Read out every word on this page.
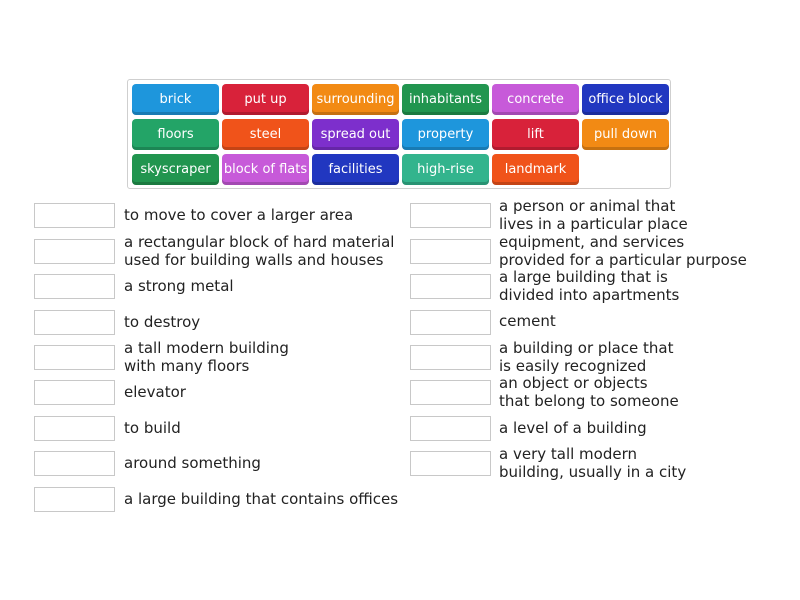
brick	put up	surrounding	inhabitants	concrete	office block
floors	steel	spread out	property	lift	pull down
skyscraper	block of flats	facilities	high-rise	landmark
to move to cover a larger area
a rectangular block of hard material
used for building walls and houses
a strong metal
to destroy
a tall modern building
with many floors
elevator
to build
around something
a large building that contains offices
a person or animal that
lives in a particular place
equipment, and services
provided for a particular purpose
a large building that is
divided into apartments
cement
a building or place that
is easily recognized
an object or objects
that belong to someone
a level of a building
a very tall modern
building, usually in a city
